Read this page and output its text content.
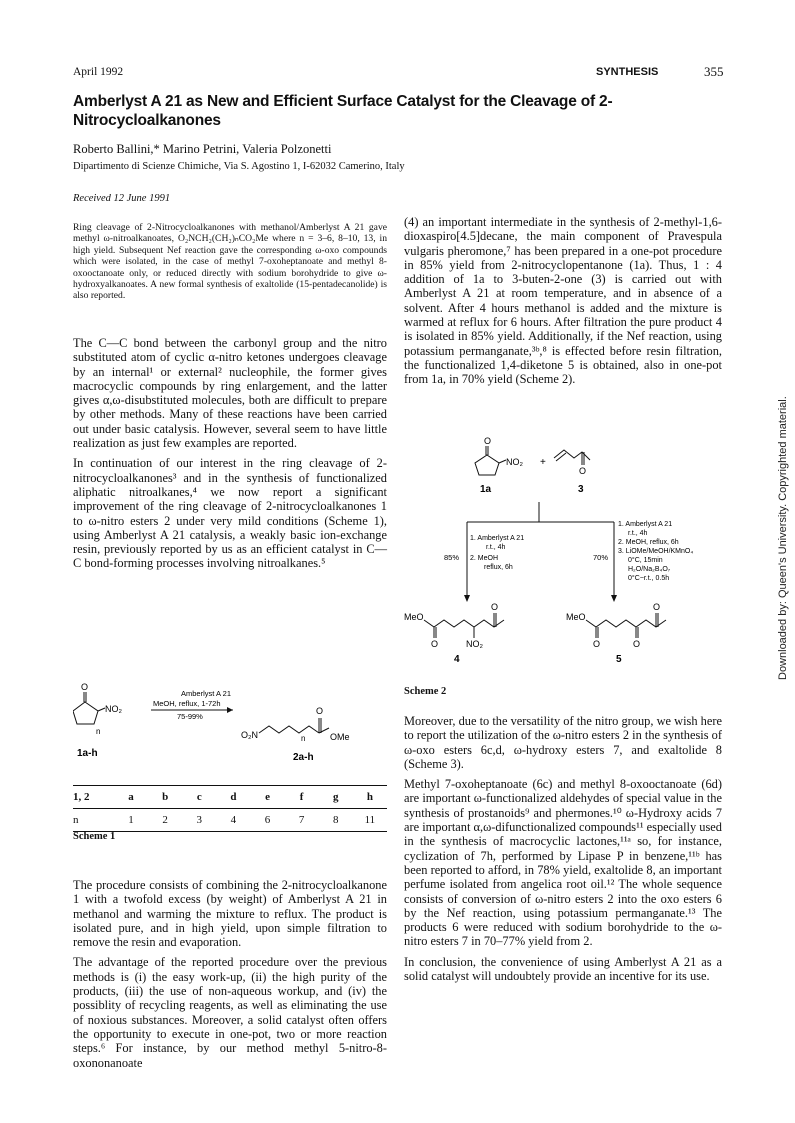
April 1992	SYNTHESIS	355
Amberlyst A 21 as New and Efficient Surface Catalyst for the Cleavage of 2-Nitrocycloalkanones
Roberto Ballini,* Marino Petrini, Valeria Polzonetti
Dipartimento di Scienze Chimiche, Via S. Agostino 1, I-62032 Camerino, Italy
Received 12 June 1991
Ring cleavage of 2-Nitrocycloalkanones with methanol/Amberlyst A 21 gave methyl ω-nitroalkanoates, O₂NCH₂(CH₂)ₙCO₂Me where n = 3–6, 8–10, 13, in high yield. Subsequent Nef reaction gave the corresponding ω-oxo compounds which were isolated, in the case of methyl 7-oxoheptanoate and methyl 8-oxooctanoate only, or reduced directly with sodium borohydride to give ω-hydroxyalkanoates. A new formal synthesis of exaltolide (15-pentadecanolide) is also reported.

The C—C bond between the carbonyl group and the nitro substituted atom of cyclic α-nitro ketones undergoes cleavage by an internal¹ or external² nucleophile, the former gives macrocyclic compounds by ring enlargement, and the latter gives α,ω-disubstituted molecules, both are difficult to prepare by other methods. Many of these reactions have been carried out under basic catalysis. However, several seem to have little realization as just few examples are reported.

In continuation of our interest in the ring cleavage of 2-nitrocycloalkanones³ and in the synthesis of functionalized aliphatic nitroalkanes,⁴ we now report a significant improvement of the ring cleavage of 2-nitrocycloalkanones 1 to ω-nitro esters 2 under very mild conditions (Scheme 1), using Amberlyst A 21 catalysis, a weakly basic ion-exchange resin, previously reported by us as an efficient catalyst in C—C bond-forming processes involving nitroalkanes.⁵

O
NO₂
n
1a-h
Amberlyst A 21
MeOH, reflux, 1-72h
75-99%
O₂N
O
OMe
n
2a-h
1, 2	a	b	c	d	e	f	g	h
n	1	2	3	4	6	7	8	11
Scheme 1

The procedure consists of combining the 2-nitrocycloalkanone 1 with a twofold excess (by weight) of Amberlyst A 21 in methanol and warming the mixture to reflux. The product is isolated pure, and in high yield, upon simple filtration to remove the resin and evaporation.

The advantage of the reported procedure over the previous methods is (i) the easy work-up, (ii) the high purity of the products, (iii) the use of non-aqueous workup, and (iv) the possiblity of recycling reagents, as well as eliminating the use of noxious substances. Moreover, a solid catalyst often offers the opportunity to execute in one-pot, two or more reaction steps.⁶ For instance, by our method methyl 5-nitro-8-oxononanoate

(4) an important intermediate in the synthesis of 2-methyl-1,6-dioxaspiro[4.5]decane, the main component of Pravespula vulgaris pheromone,⁷ has been prepared in a one-pot procedure in 85% yield from 2-nitrocyclopentanone (1a). Thus, 1 : 4 addition of 1a to 3-buten-2-one (3) is carried out with Amberlyst A 21 at room temperature, and in absence of a solvent. After 4 hours methanol is added and the mixture is warmed at reflux for 6 hours. After filtration the pure product 4 is isolated in 85% yield. Additionally, if the Nef reaction, using potassium permanganate,³ᵇ,⁸ is effected before resin filtration, the functionalized 1,4-diketone 5 is obtained, also in one-pot from 1a, in 70% yield (Scheme 2).

O
NO₂ +
1a
O
3
85%
1. Amberlyst A 21
r.t., 4h
2. MeOH
reflux, 6h
70%
1. Amberlyst A 21
r.t., 4h
2. MeOH, reflux, 6h
3. LiOMe/MeOH/KMnO₄
0°C, 15min
H₂O/Na₂B₄O₇
0°C−r.t., 0.5h
MeO
O	NO₂
O
4
MeO
O	O
O
5
Scheme 2

Moreover, due to the versatility of the nitro group, we wish here to report the utilization of the ω-nitro esters 2 in the synthesis of ω-oxo esters 6c,d, ω-hydroxy esters 7, and exaltolide 8 (Scheme 3).

Methyl 7-oxoheptanoate (6c) and methyl 8-oxooctanoate (6d) are important ω-functionalized aldehydes of special value in the synthesis of prostanoids⁹ and phermones.¹⁰ ω-Hydroxy acids 7 are important α,ω-difunctionalized compounds¹¹ especially used in the synthesis of macrocyclic lactones,¹¹ᵃ so, for instance, cyclization of 7h, performed by Lipase P in benzene,¹¹ᵇ has been reported to afford, in 78% yield, exaltolide 8, an important perfume isolated from angelica root oil.¹² The whole sequence consists of conversion of ω-nitro esters 2 into the oxo esters 6 by the Nef reaction, using potassium permanganate.¹³ The products 6 were reduced with sodium borohydride to the ω-nitro esters 7 in 70–77% yield from 2.

In conclusion, the convenience of using Amberlyst A 21 as a solid catalyst will undoubtely provide an incentive for its use.

Downloaded by: Queen's University. Copyrighted material.
